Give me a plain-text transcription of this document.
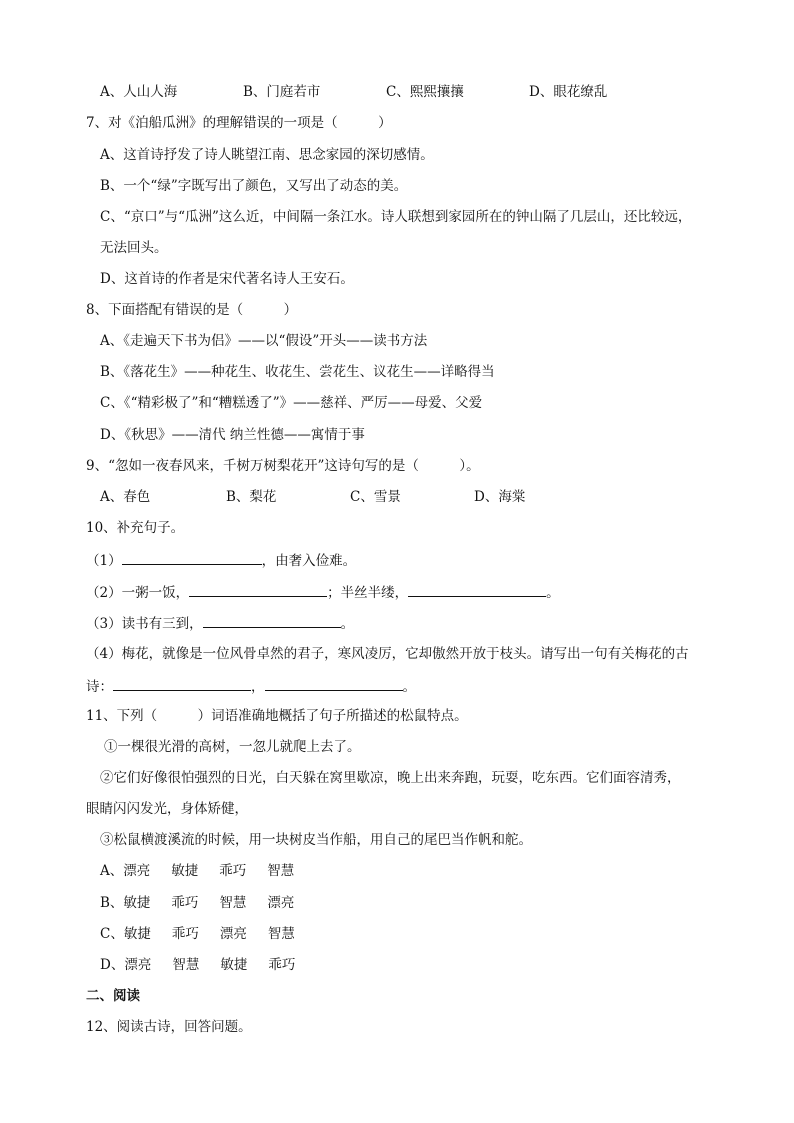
A、人山人海	B、门庭若市	C、熙熙攘攘	D、眼花缭乱
7、对《泊船瓜洲》的理解错误的一项是（　　　）
A、这首诗抒发了诗人眺望江南、思念家园的深切感情。
B、一个“绿”字既写出了颜色，又写出了动态的美。
C、“京口”与“瓜洲”这么近，中间隔一条江水。诗人联想到家园所在的钟山隔了几层山，还比较远，
无法回头。
D、这首诗的作者是宋代著名诗人王安石。
8、下面搭配有错误的是（　　　）
A、《走遍天下书为侣》——以“假设”开头——读书方法
B、《落花生》——种花生、收花生、尝花生、议花生——详略得当
C、《“精彩极了”和“糟糕透了”》——慈祥、严厉——母爱、父爱
D、《秋思》——清代 纳兰性德——寓情于事
9、“忽如一夜春风来，千树万树梨花开”这诗句写的是（　　　）。
A、春色	B、梨花	C、雪景	D、海棠
10、补充句子。
（1）	，由奢入俭难。
（2）一粥一饭，	；半丝半缕，	。
（3）读书有三到，	。
（4）梅花，就像是一位风骨卓然的君子，寒风凌厉，它却傲然开放于枝头。请写出一句有关梅花的古
诗：	，	。
11、下列（　　　）词语准确地概括了句子所描述的松鼠特点。
①一棵很光滑的高树，一忽儿就爬上去了。
②它们好像很怕强烈的日光，白天躲在窝里歇凉，晚上出来奔跑，玩耍，吃东西。它们面容清秀，
眼睛闪闪发光，身体矫健，
③松鼠横渡溪流的时候，用一块树皮当作船，用自己的尾巴当作帆和舵。
A、漂亮 敏捷 乖巧 智慧
B、敏捷 乖巧 智慧 漂亮
C、敏捷 乖巧 漂亮 智慧
D、漂亮 智慧 敏捷 乖巧
二、阅读
12、阅读古诗，回答问题。
